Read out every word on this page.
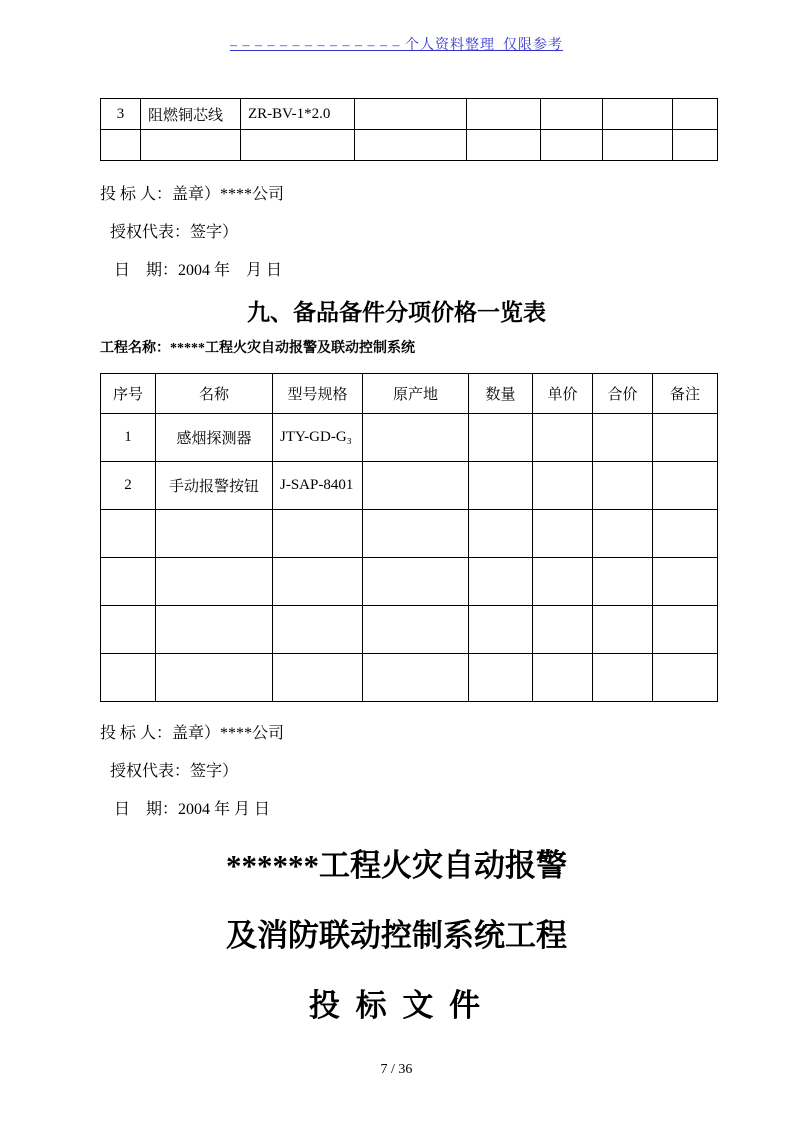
– – – – – – – – – – – – – – 个人资料整理_仅限参考
3	阻燃铜芯线	ZR-BV-1*2.0					

投 标 人：盖章）****公司
授权代表：签字）
日　期：2004 年　月 日
九、备品备件分项价格一览表
工程名称：*****工程火灾自动报警及联动控制系统
序号	名称	型号规格	原产地	数量	单价	合价	备注
1	感烟探测器	JTY-GD-G₃					
2	手动报警按钮	J-SAP-8401					

投 标 人：盖章）****公司
授权代表：签字）
日　期：2004 年 月 日
******工程火灾自动报警
及消防联动控制系统工程
投 标 文 件
7 / 36
